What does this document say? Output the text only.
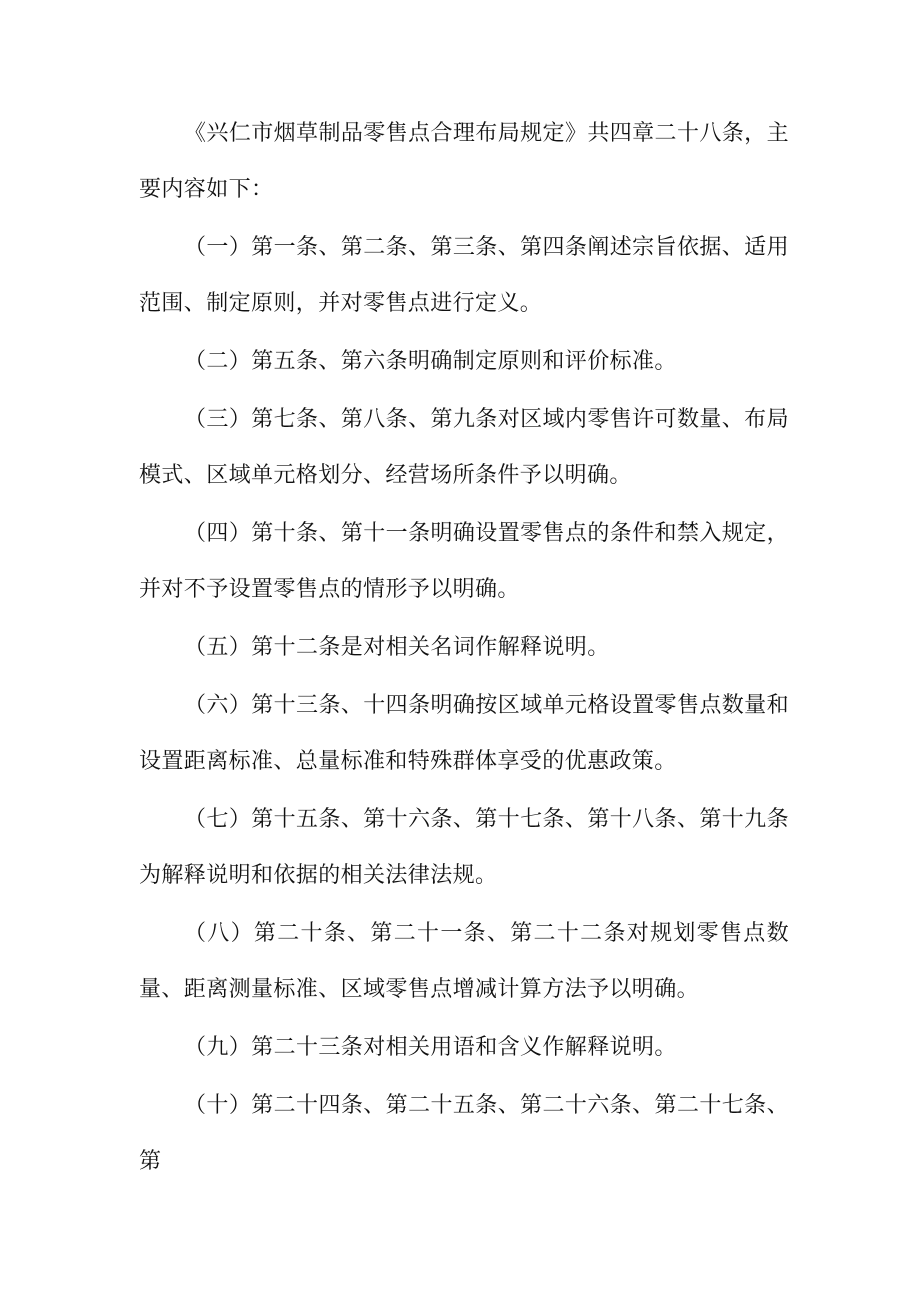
《兴仁市烟草制品零售点合理布局规定》共四章二十八条，主要内容如下：

（一）第一条、第二条、第三条、第四条阐述宗旨依据、适用范围、制定原则，并对零售点进行定义。

（二）第五条、第六条明确制定原则和评价标准。

（三）第七条、第八条、第九条对区域内零售许可数量、布局模式、区域单元格划分、经营场所条件予以明确。

（四）第十条、第十一条明确设置零售点的条件和禁入规定，并对不予设置零售点的情形予以明确。

（五）第十二条是对相关名词作解释说明。

（六）第十三条、十四条明确按区域单元格设置零售点数量和设置距离标准、总量标准和特殊群体享受的优惠政策。

（七）第十五条、第十六条、第十七条、第十八条、第十九条为解释说明和依据的相关法律法规。

（八）第二十条、第二十一条、第二十二条对规划零售点数量、距离测量标准、区域零售点增减计算方法予以明确。

（九）第二十三条对相关用语和含义作解释说明。

（十）第二十四条、第二十五条、第二十六条、第二十七条、第
